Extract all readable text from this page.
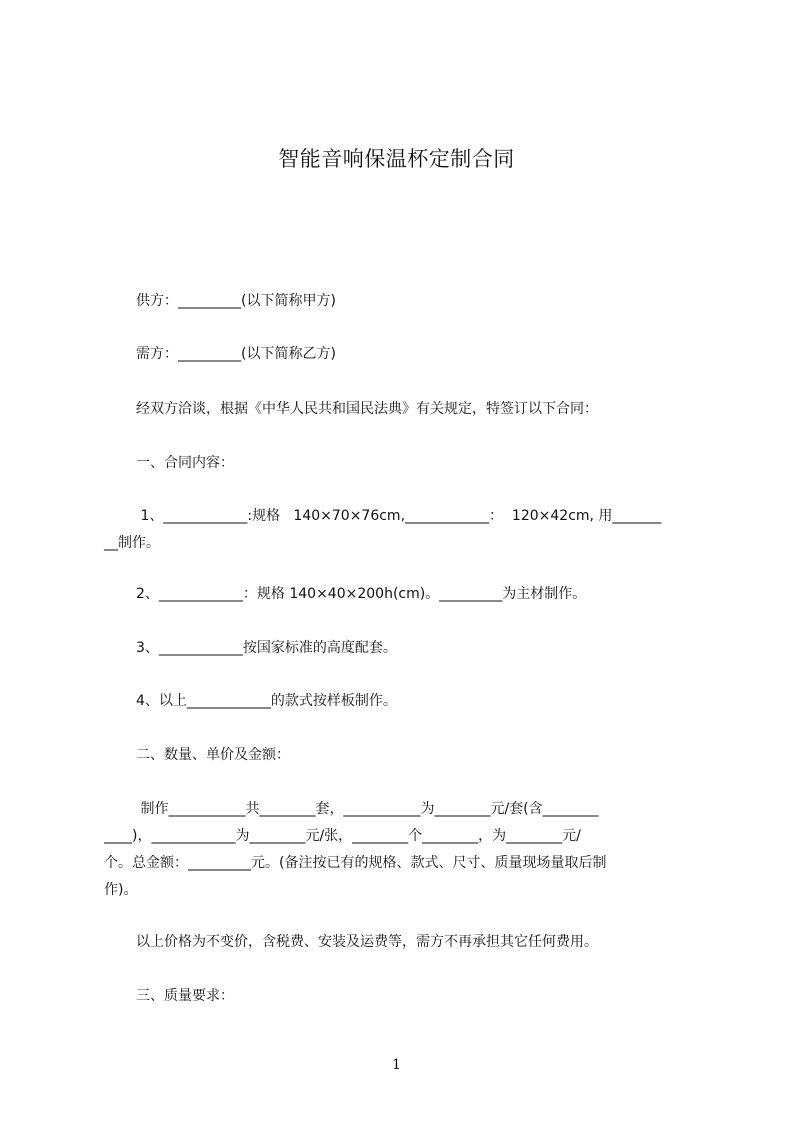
智能音响保温杯定制合同
供方：_________(以下简称甲方)
需方：_________(以下简称乙方)
经双方洽谈，根据《中华人民共和国民法典》有关规定，特签订以下合同：
一、合同内容：
1、____________:规格   140×70×76cm,____________：  120×42cm, 用_______
__制作。
2、____________：规格 140×40×200h(cm)。_________为主材制作。
3、____________按国家标准的高度配套。
4、以上____________的款式按样板制作。
二、数量、单价及金额：
制作___________共________套，___________为________元/套(含________
____)，____________为________元/张，________个________，为________元/
个。总金额：_________元。(备注按已有的规格、款式、尺寸、质量现场量取后制
作)。
以上价格为不变价，含税费、安装及运费等，需方不再承担其它任何费用。
三、质量要求：
1
